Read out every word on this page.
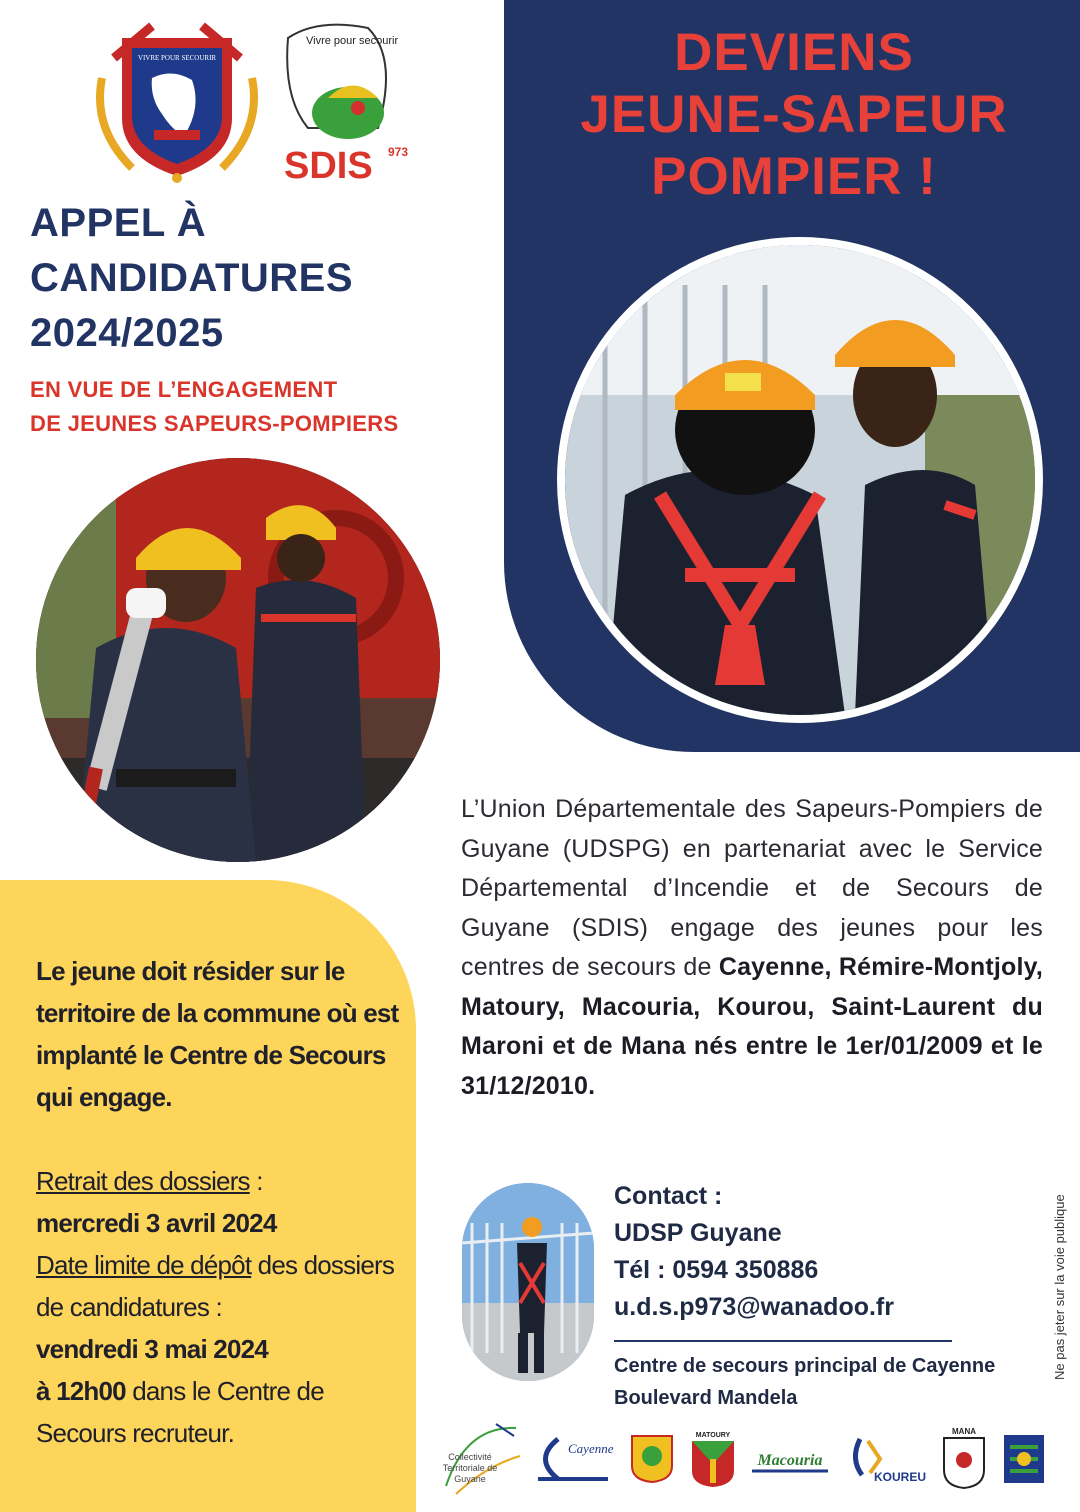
VIVRE POUR SECOURIR
Vivre pour secourir
SDIS 973
APPEL À
CANDIDATURES
2024/2025
EN VUE DE L’ENGAGEMENT
DE JEUNES SAPEURS-POMPIERS
DEVIENS
JEUNE-SAPEUR
POMPIER !
L’Union Départementale des Sapeurs-Pompiers de Guyane (UDSPG) en partenariat avec le Service Départemental d’Incendie et de Secours de Guyane (SDIS) engage des jeunes pour les centres de secours de Cayenne, Rémire-Montjoly, Matoury, Macouria, Kourou, Saint-Laurent du Maroni et de Mana nés entre le 1er/01/2009 et le 31/12/2010.
Le jeune doit résider sur le territoire de la commune où est implanté le Centre de Secours qui engage.
Retrait des dossiers :
mercredi 3 avril 2024
Date limite de dépôt des dossiers de candidatures :
vendredi 3 mai 2024
à 12h00 dans le Centre de Secours recruteur.
Contact :
UDSP Guyane
Tél : 0594 350886
u.d.s.p973@wanadoo.fr
Centre de secours principal de Cayenne
Boulevard Mandela
Ne pas jeter sur la voie publique
Collectivité Territoriale de Guyane
Cayenne
MATOURY
Macouria
KOUREU
MANA
